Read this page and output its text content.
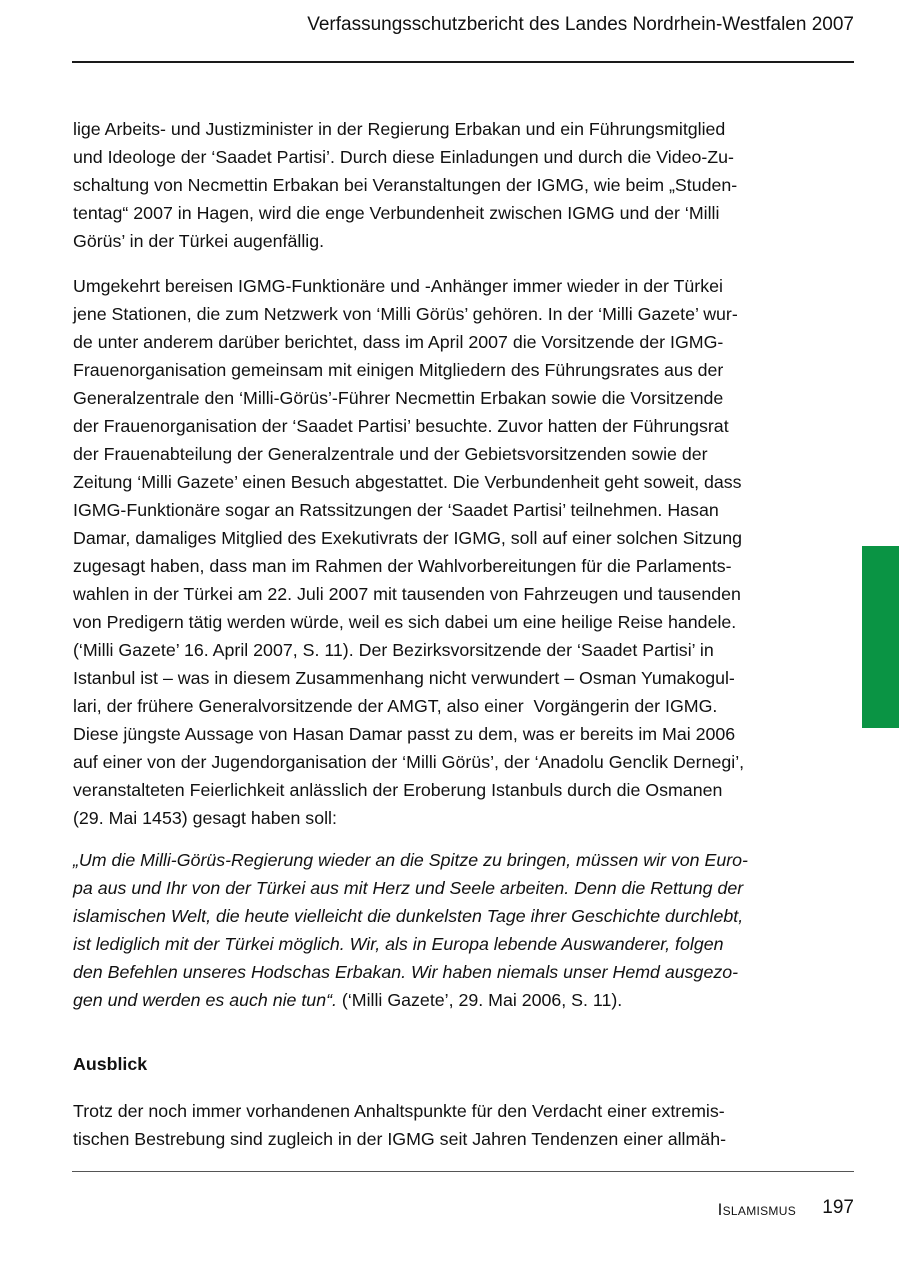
Verfassungsschutzbericht des Landes Nordrhein-Westfalen 2007

lige Arbeits- und Justizminister in der Regierung Erbakan und ein Führungsmitglied
und Ideologe der ‘Saadet Partisi’. Durch diese Einladungen und durch die Video-Zu-
schaltung von Necmettin Erbakan bei Veranstaltungen der IGMG, wie beim „Studen-
tentag“ 2007 in Hagen, wird die enge Verbundenheit zwischen IGMG und der ‘Milli
Görüs’ in der Türkei augenfällig.

Umgekehrt bereisen IGMG-Funktionäre und -Anhänger immer wieder in der Türkei
jene Stationen, die zum Netzwerk von ‘Milli Görüs’ gehören. In der ‘Milli Gazete’ wur-
de unter anderem darüber berichtet, dass im April 2007 die Vorsitzende der IGMG-
Frauenorganisation gemeinsam mit einigen Mitgliedern des Führungsrates aus der
Generalzentrale den ‘Milli-Görüs’-Führer Necmettin Erbakan sowie die Vorsitzende
der Frauenorganisation der ‘Saadet Partisi’ besuchte. Zuvor hatten der Führungsrat
der Frauenabteilung der Generalzentrale und der Gebietsvorsitzenden sowie der
Zeitung ‘Milli Gazete’ einen Besuch abgestattet. Die Verbundenheit geht soweit, dass
IGMG-Funktionäre sogar an Ratssitzungen der ‘Saadet Partisi’ teilnehmen. Hasan
Damar, damaliges Mitglied des Exekutivrats der IGMG, soll auf einer solchen Sitzung
zugesagt haben, dass man im Rahmen der Wahlvorbereitungen für die Parlaments-
wahlen in der Türkei am 22. Juli 2007 mit tausenden von Fahrzeugen und tausenden
von Predigern tätig werden würde, weil es sich dabei um eine heilige Reise handele.
(‘Milli Gazete’ 16. April 2007, S. 11). Der Bezirksvorsitzende der ‘Saadet Partisi’ in
Istanbul ist – was in diesem Zusammenhang nicht verwundert – Osman Yumakogul-
lari, der frühere Generalvorsitzende der AMGT, also einer  Vorgängerin der IGMG.
Diese jüngste Aussage von Hasan Damar passt zu dem, was er bereits im Mai 2006
auf einer von der Jugendorganisation der ‘Milli Görüs’, der ‘Anadolu Genclik Dernegi’,
veranstalteten Feierlichkeit anlässlich der Eroberung Istanbuls durch die Osmanen
(29. Mai 1453) gesagt haben soll:

„Um die Milli-Görüs-Regierung wieder an die Spitze zu bringen, müssen wir von Euro-
pa aus und Ihr von der Türkei aus mit Herz und Seele arbeiten. Denn die Rettung der
islamischen Welt, die heute vielleicht die dunkelsten Tage ihrer Geschichte durchlebt,
ist lediglich mit der Türkei möglich. Wir, als in Europa lebende Auswanderer, folgen
den Befehlen unseres Hodschas Erbakan. Wir haben niemals unser Hemd ausgezo-
gen und werden es auch nie tun“. (‘Milli Gazete’, 29. Mai 2006, S. 11).

Ausblick

Trotz der noch immer vorhandenen Anhaltspunkte für den Verdacht einer extremis-
tischen Bestrebung sind zugleich in der IGMG seit Jahren Tendenzen einer allmäh-

Islamismus 197
